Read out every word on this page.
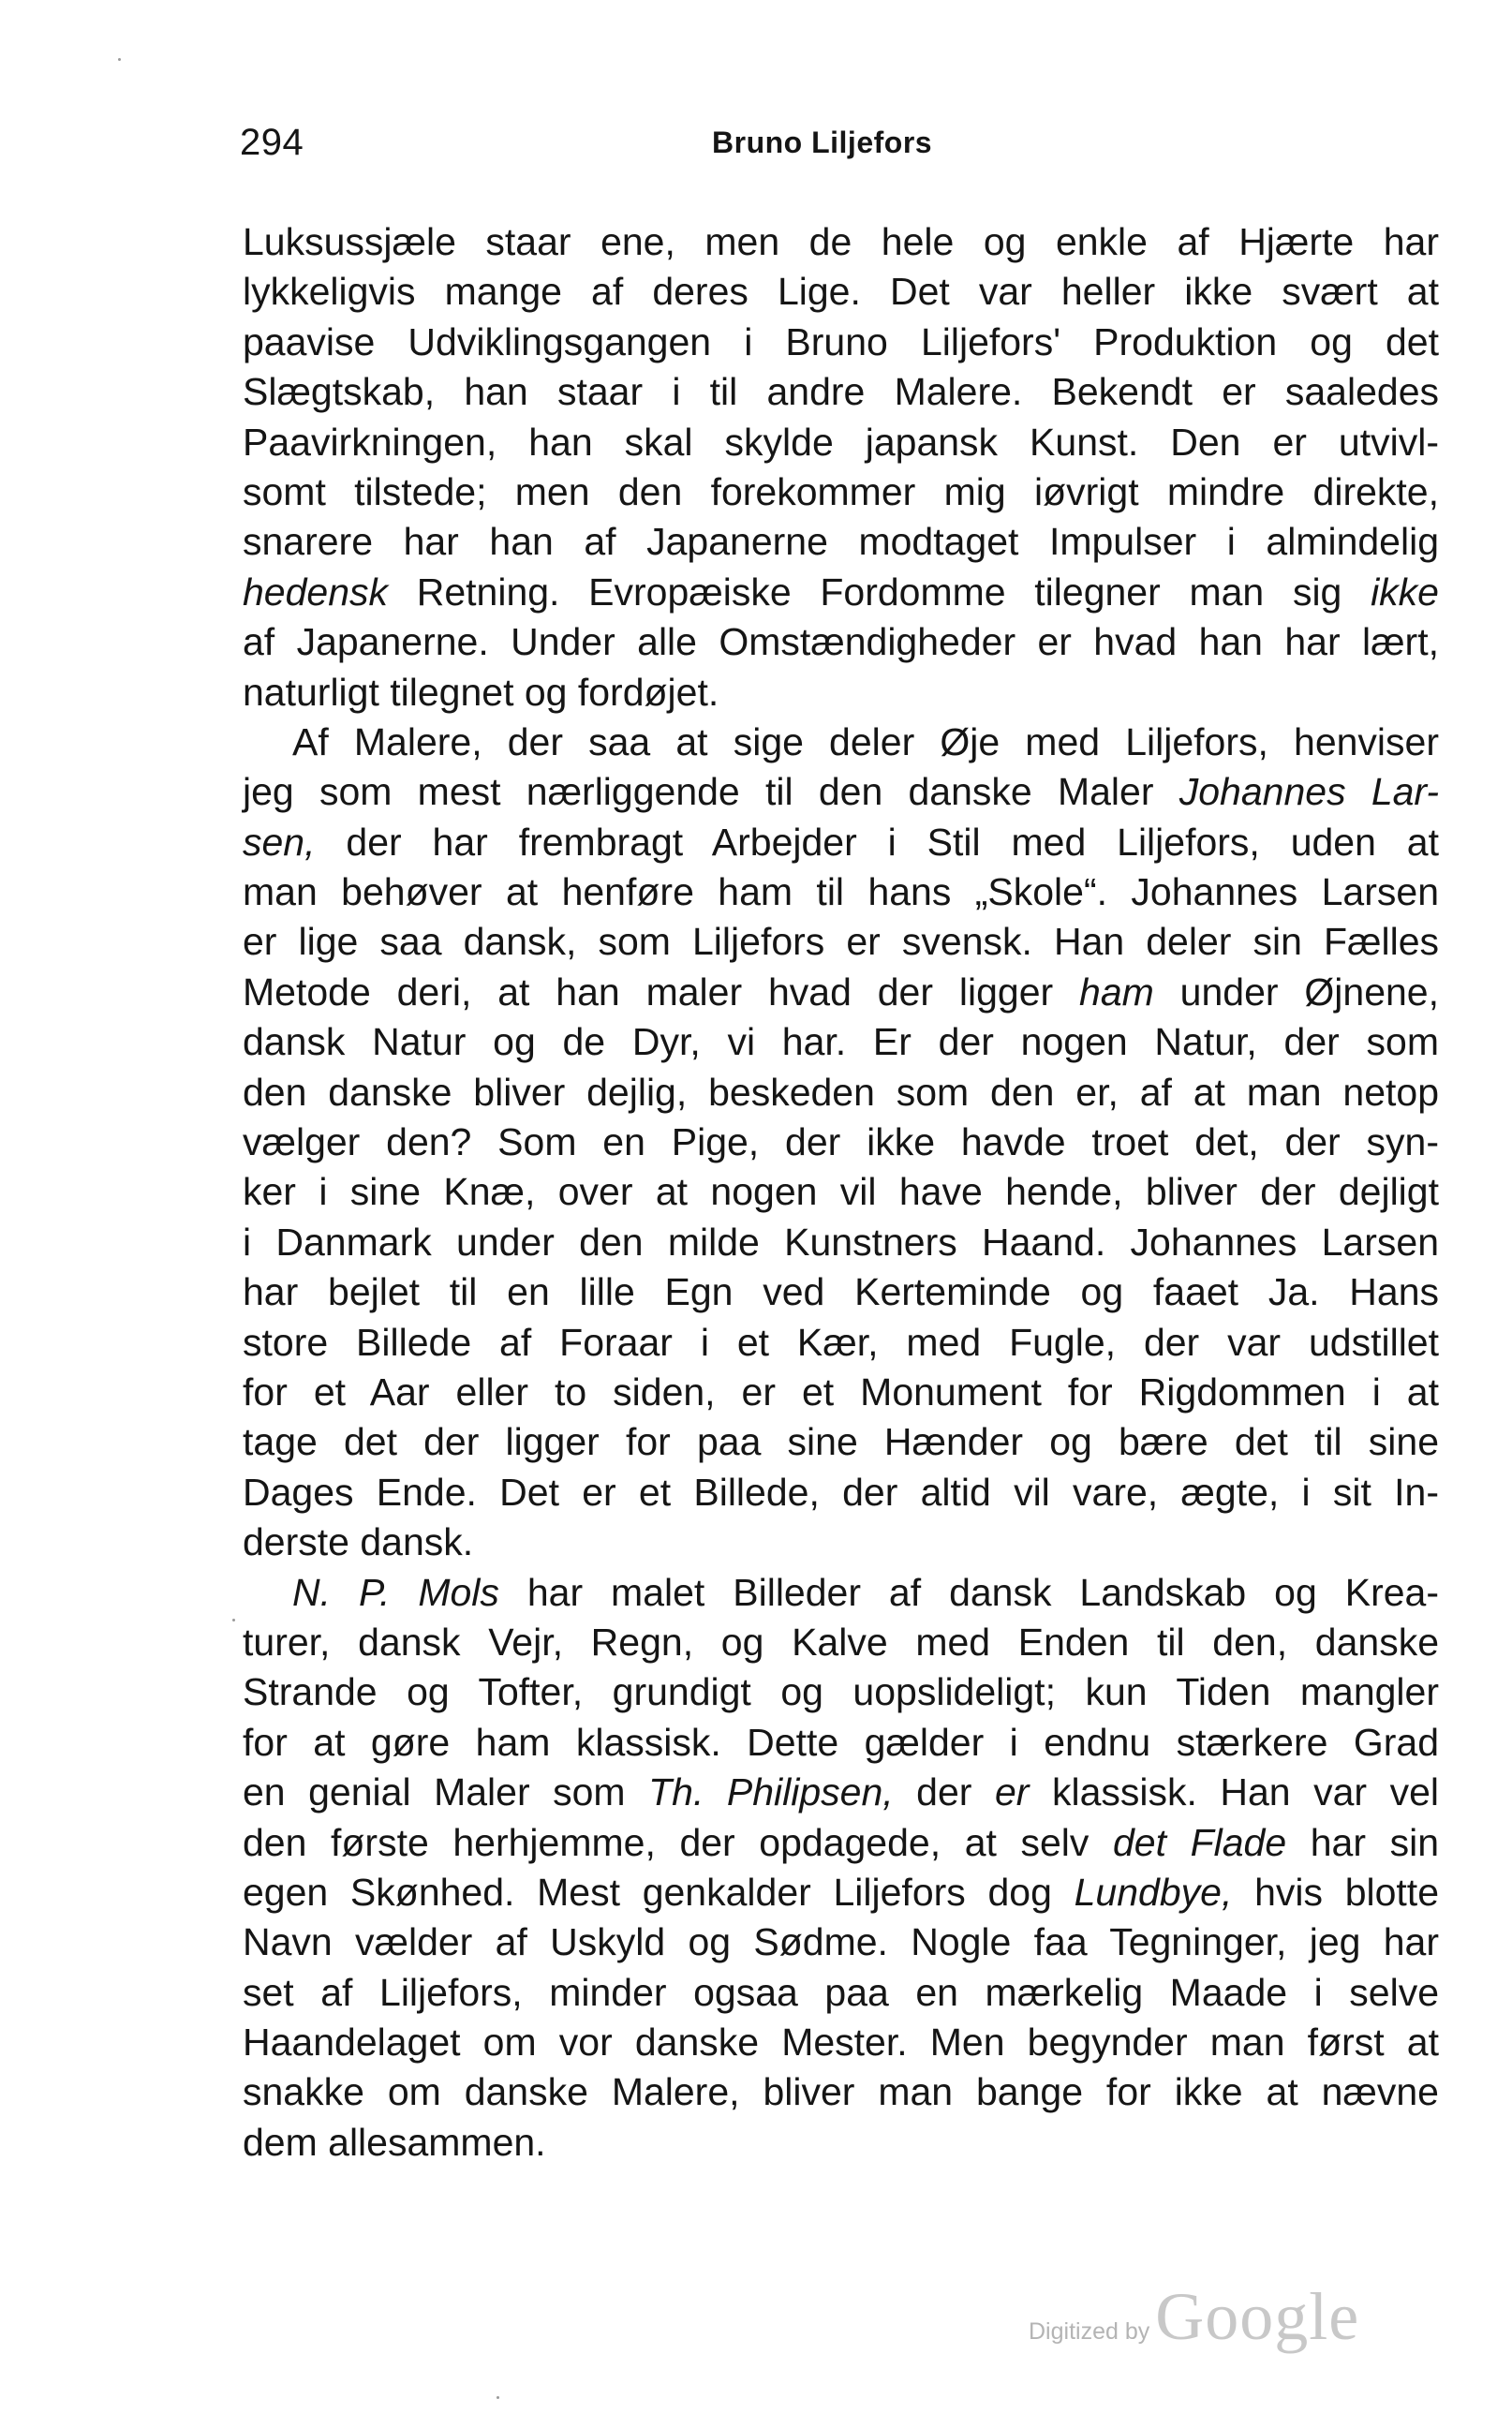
294	Bruno Liljefors
Luksussjæle staar ene, men de hele og enkle af Hjærte har
lykkeligvis mange af deres Lige. Det var heller ikke svært at
paavise Udviklingsgangen i Bruno Liljefors' Produktion og det
Slægtskab, han staar i til andre Malere. Bekendt er saaledes
Paavirkningen, han skal skylde japansk Kunst. Den er utvivl-
somt tilstede; men den forekommer mig iøvrigt mindre direkte,
snarere har han af Japanerne modtaget Impulser i almindelig
hedensk Retning. Evropæiske Fordomme tilegner man sig ikke
af Japanerne. Under alle Omstændigheder er hvad han har lært,
naturligt tilegnet og fordøjet.
Af Malere, der saa at sige deler Øje med Liljefors, henviser
jeg som mest nærliggende til den danske Maler Johannes Lar-
sen, der har frembragt Arbejder i Stil med Liljefors, uden at
man behøver at henføre ham til hans „Skole“. Johannes Larsen
er lige saa dansk, som Liljefors er svensk. Han deler sin Fælles
Metode deri, at han maler hvad der ligger ham under Øjnene,
dansk Natur og de Dyr, vi har. Er der nogen Natur, der som
den danske bliver dejlig, beskeden som den er, af at man netop
vælger den? Som en Pige, der ikke havde troet det, der syn-
ker i sine Knæ, over at nogen vil have hende, bliver der dejligt
i Danmark under den milde Kunstners Haand. Johannes Larsen
har bejlet til en lille Egn ved Kerteminde og faaet Ja. Hans
store Billede af Foraar i et Kær, med Fugle, der var udstillet
for et Aar eller to siden, er et Monument for Rigdommen i at
tage det der ligger for paa sine Hænder og bære det til sine
Dages Ende. Det er et Billede, der altid vil vare, ægte, i sit In-
derste dansk.
N. P. Mols har malet Billeder af dansk Landskab og Krea-
turer, dansk Vejr, Regn, og Kalve med Enden til den, danske
Strande og Tofter, grundigt og uopslideligt; kun Tiden mangler
for at gøre ham klassisk. Dette gælder i endnu stærkere Grad
en genial Maler som Th. Philipsen, der er klassisk. Han var vel
den første herhjemme, der opdagede, at selv det Flade har sin
egen Skønhed. Mest genkalder Liljefors dog Lundbye, hvis blotte
Navn vælder af Uskyld og Sødme. Nogle faa Tegninger, jeg har
set af Liljefors, minder ogsaa paa en mærkelig Maade i selve
Haandelaget om vor danske Mester. Men begynder man først at
snakke om danske Malere, bliver man bange for ikke at nævne
dem allesammen.
Digitized by Google
